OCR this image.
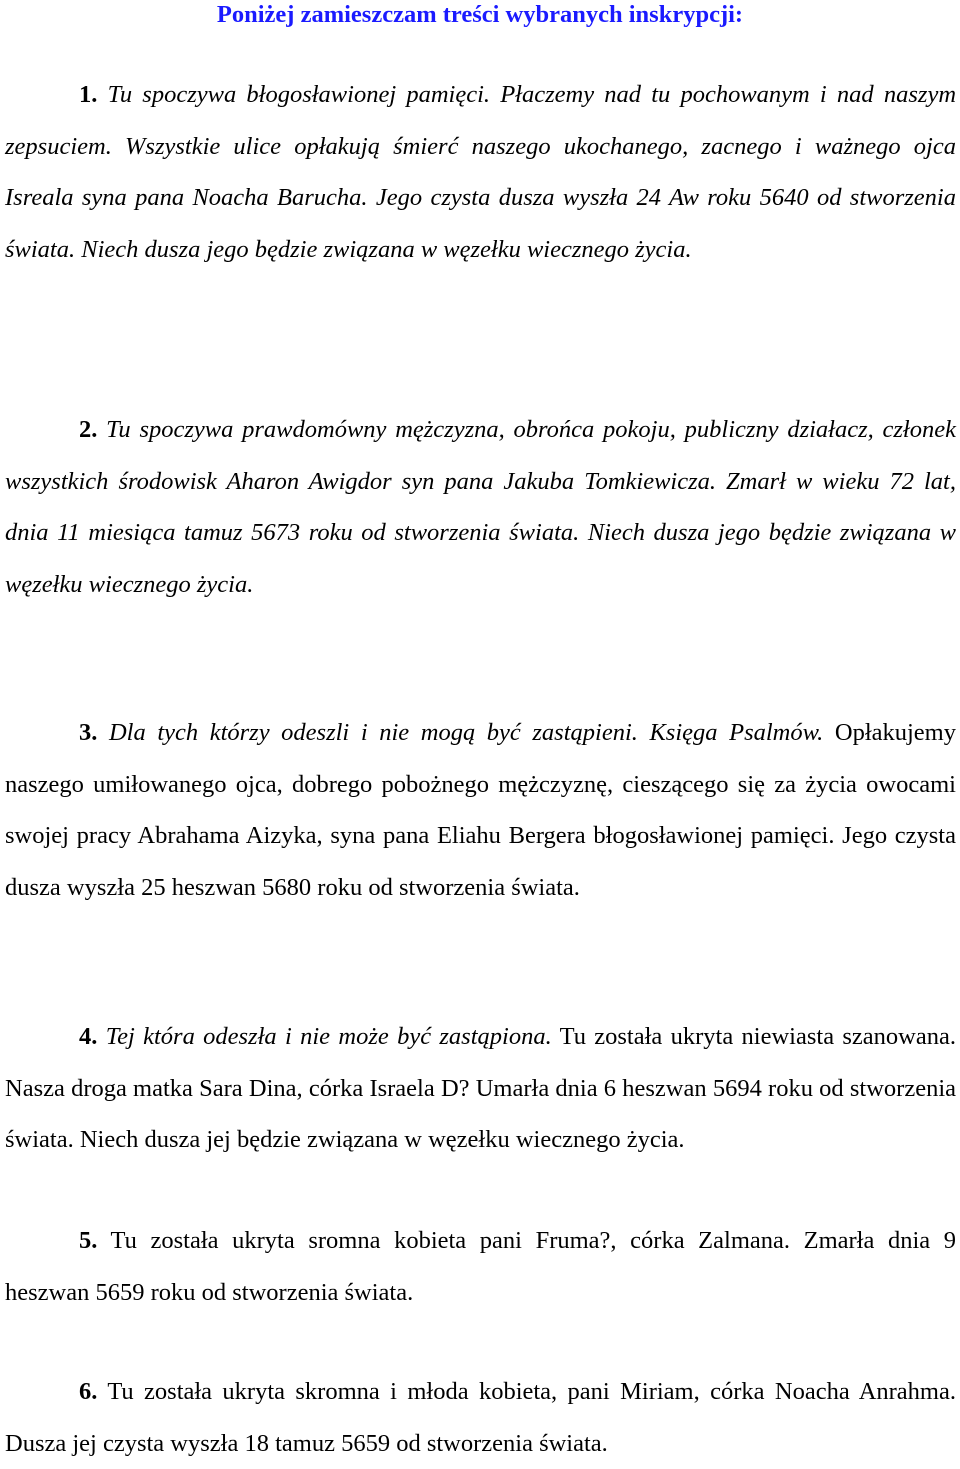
Poniżej zamieszczam treści wybranych inskrypcji:

1. Tu spoczywa błogosławionej pamięci. Płaczemy nad tu pochowanym i nad naszym zepsuciem. Wszystkie ulice opłakują śmierć naszego ukochanego, zacnego i ważnego ojca Isreala syna pana Noacha Barucha. Jego czysta dusza wyszła 24 Aw roku 5640 od stworzenia świata. Niech dusza jego będzie związana w węzełku wiecznego życia.

2. Tu spoczywa prawdomówny mężczyzna, obrońca pokoju, publiczny działacz, członek wszystkich środowisk Aharon Awigdor syn pana Jakuba Tomkiewicza. Zmarł w wieku 72 lat, dnia 11 miesiąca tamuz 5673 roku od stworzenia świata. Niech dusza jego będzie związana w węzełku wiecznego życia.

3. Dla tych którzy odeszli i nie mogą być zastąpieni. Księga Psalmów. Opłakujemy naszego umiłowanego ojca, dobrego pobożnego mężczyznę, cieszącego się za życia owocami swojej pracy Abrahama Aizyka, syna pana Eliahu Bergera błogosławionej pamięci. Jego czysta dusza wyszła 25 heszwan 5680 roku od stworzenia świata.

4. Tej która odeszła i nie może być zastąpiona. Tu została ukryta niewiasta szanowana. Nasza droga matka Sara Dina, córka Israela D? Umarła dnia 6 heszwan 5694 roku od stworzenia świata. Niech dusza jej będzie związana w węzełku wiecznego życia.

5. Tu została ukryta sromna kobieta pani Fruma?, córka Zalmana. Zmarła dnia 9 heszwan 5659 roku od stworzenia świata.

6. Tu została ukryta skromna i młoda kobieta, pani Miriam, córka Noacha Anrahma. Dusza jej czysta wyszła 18 tamuz 5659 od stworzenia świata.
